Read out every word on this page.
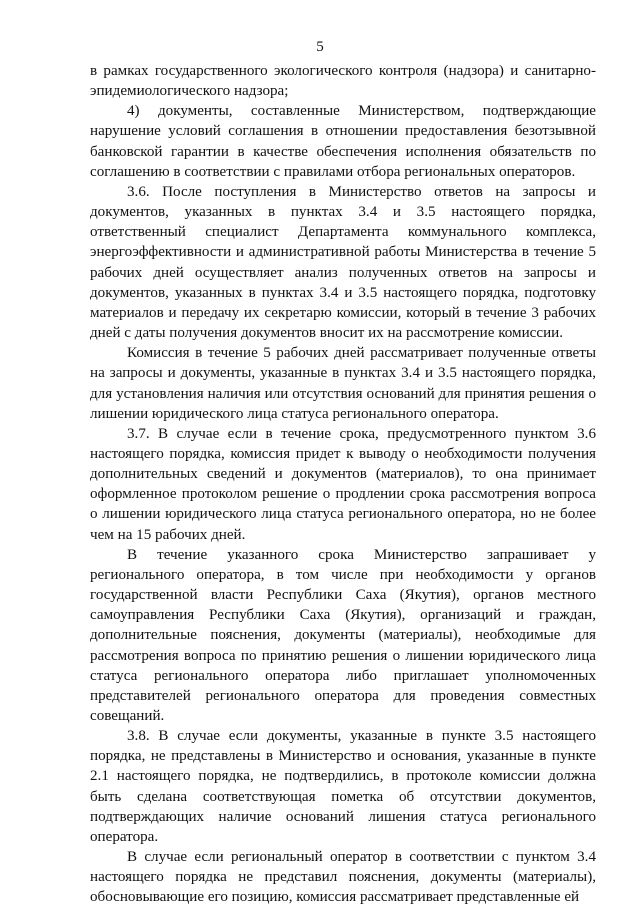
5

в рамках государственного экологического контроля (надзора) и санитарно-эпидемиологического надзора;

4) документы, составленные Министерством, подтверждающие нарушение условий соглашения в отношении предоставления безотзывной банковской гарантии в качестве обеспечения исполнения обязательств по соглашению в соответствии с правилами отбора региональных операторов.

3.6. После поступления в Министерство ответов на запросы и документов, указанных в пунктах 3.4 и 3.5 настоящего порядка, ответственный специалист Департамента коммунального комплекса, энергоэффективности и административной работы Министерства в течение 5 рабочих дней осуществляет анализ полученных ответов на запросы и документов, указанных в пунктах 3.4 и 3.5 настоящего порядка, подготовку материалов и передачу их секретарю комиссии, который в течение 3 рабочих дней с даты получения документов вносит их на рассмотрение комиссии.

Комиссия в течение 5 рабочих дней рассматривает полученные ответы на запросы и документы, указанные в пунктах 3.4 и 3.5 настоящего порядка, для установления наличия или отсутствия оснований для принятия решения о лишении юридического лица статуса регионального оператора.

3.7. В случае если в течение срока, предусмотренного пунктом 3.6 настоящего порядка, комиссия придет к выводу о необходимости получения дополнительных сведений и документов (материалов), то она принимает оформленное протоколом решение о продлении срока рассмотрения вопроса о лишении юридического лица статуса регионального оператора, но не более чем на 15 рабочих дней.

В течение указанного срока Министерство запрашивает у регионального оператора, в том числе при необходимости у органов государственной власти Республики Саха (Якутия), органов местного самоуправления Республики Саха (Якутия), организаций и граждан, дополнительные пояснения, документы (материалы), необходимые для рассмотрения вопроса по принятию решения о лишении юридического лица статуса регионального оператора либо приглашает уполномоченных представителей регионального оператора для проведения совместных совещаний.

3.8. В случае если документы, указанные в пункте 3.5 настоящего порядка, не представлены в Министерство и основания, указанные в пункте 2.1 настоящего порядка, не подтвердились, в протоколе комиссии должна быть сделана соответствующая пометка об отсутствии документов, подтверждающих наличие оснований лишения статуса регионального оператора.

В случае если региональный оператор в соответствии с пунктом 3.4 настоящего порядка не представил пояснения, документы (материалы), обосновывающие его позицию, комиссия рассматривает представленные ей
